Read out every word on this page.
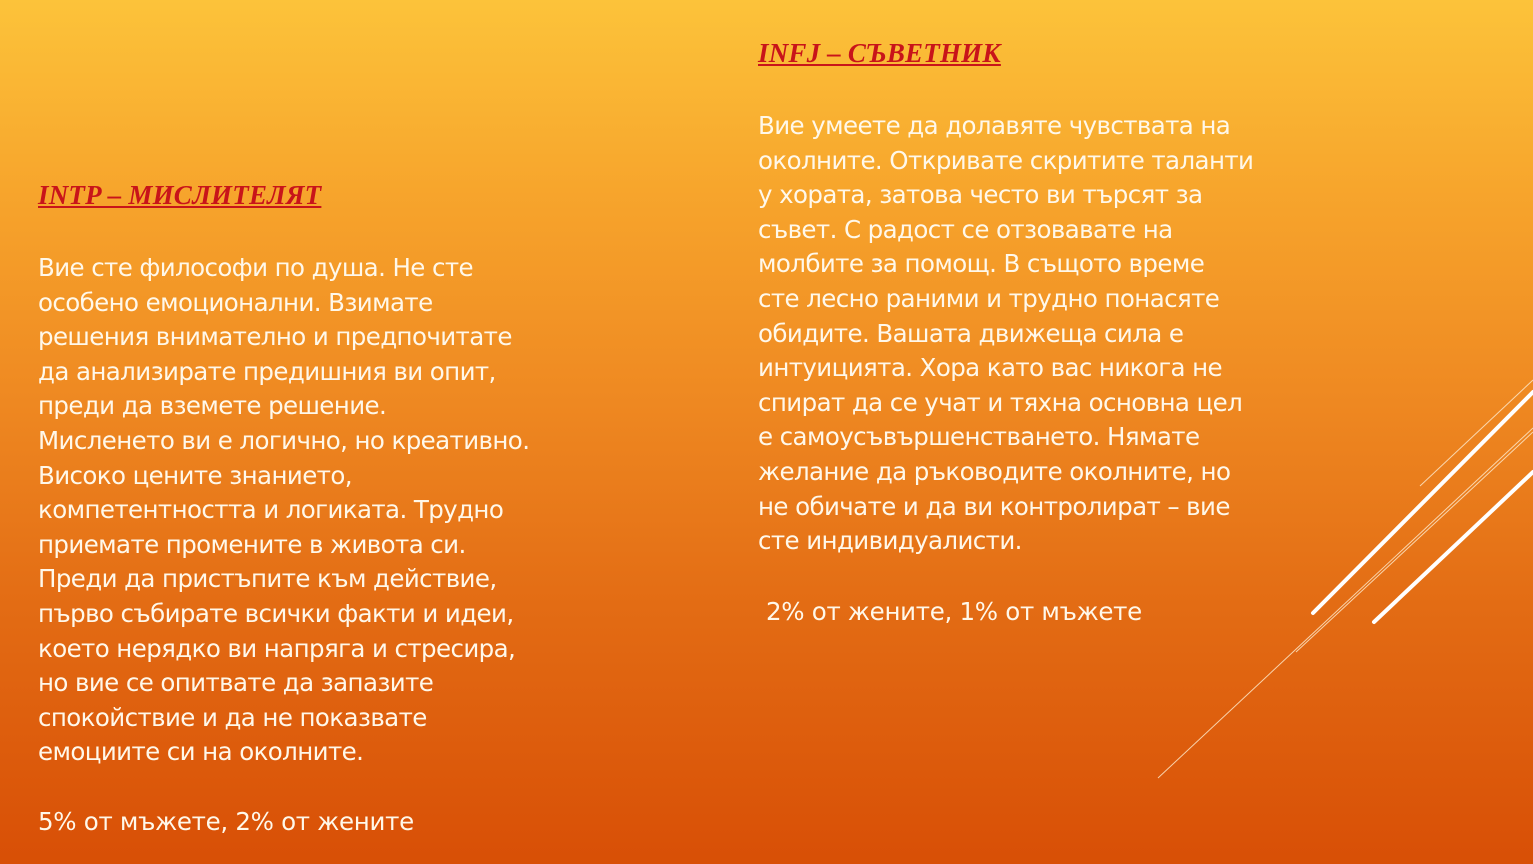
INTP – МИСЛИТЕЛЯТ
Вие сте философи по душа. Не сте
особено емоционални. Взимате
решения внимателно и предпочитате
да анализирате предишния ви опит,
преди да вземете решение.
Мисленето ви е логично, но креативно.
Високо цените знанието,
компетентността и логиката. Трудно
приемате промените в живота си.
Преди да пристъпите към действие,
първо събирате всички факти и идеи,
което нерядко ви напряга и стресира,
но вие се опитвате да запазите
спокойствие и да не показвате
емоциите си на околните.
5% от мъжете, 2% от жените
INFJ – СЪВЕТНИК
Вие умеете да долавяте чувствата на
околните. Откривате скритите таланти
у хората, затова често ви търсят за
съвет. С радост се отзовавате на
молбите за помощ. В същото време
сте лесно раними и трудно понасяте
обидите. Вашата движеща сила е
интуицията. Хора като вас никога не
спират да се учат и тяхна основна цел
е самоусъвършенстването. Нямате
желание да ръководите околните, но
не обичате и да ви контролират – вие
сте индивидуалисти.
2% от жените, 1% от мъжете
